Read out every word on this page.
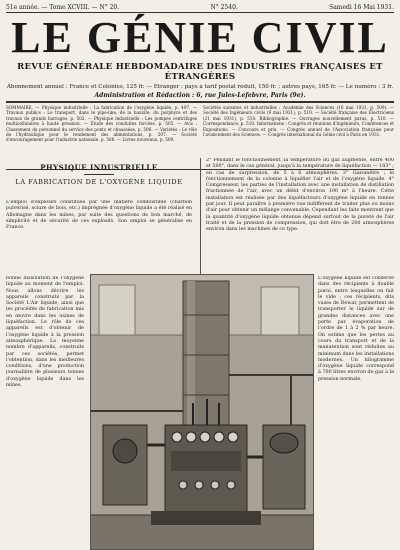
51e année. — Tome XCVIII. — N° 20.	N° 2540.	Samedi 16 Mai 1931.
LE GÉNIE CIVIL
REVUE GÉNÉRALE HEBDOMADAIRE DES INDUSTRIES FRANÇAISES ET ÉTRANGÈRES
Abonnement annuel : France et Colonies, 125 fr. — Étranger : pays à tarif postal réduit, 150 fr. ; autres pays, 165 fr. — Le numéro : 3 fr.
Administration et Rédaction : 6, rue Jules-Lefebvre, Paris (9e).
SOMMAIRE. — Physique industrielle : La fabrication de l'oxygène liquide, p. 497. — Travaux publics : Le transport, dans le pipe-line, de la bauxite, du porphyre et des travaux de grands barrages, p. 502. — Physique industrielle : Les pompes centrifuges multicellulaires à haute pression. — Étude des conduites forcées, p. 505. — Avis : Classement du personnel du service des ponts et chaussées, p. 506. — Variétés : Le rôle de l'hydraulique pour le rendement des alimentations, p. 507. — Société d'encouragement pour l'industrie nationale, p. 508. — Livres nouveaux, p. 509.
Sociétés savantes et industrielles : Académie des Sciences (16 mai 1931, p. 509). — Société des Ingénieurs civils (9 mai 1931), p. 510. — Société française des Électriciens (21 mai 1931), p. 510. Bibliographie. — Ouvrages nouvellement parus, p. 510. — Correspondance, p. 510. Informations : Congrès et réunions d'ingénieurs, Conférences et Expositions. — Concours et prix. — Congrès annuel de l'Association française pour l'avancement des Sciences. — Congrès international du Génie civil à Paris en 1931.
PHYSIQUE INDUSTRIELLE
LA FABRICATION DE L'OXYGÈNE LIQUIDE
L'emploi d'explosifs constitués par une matière combustible (charbon pulvérisé, sciure de bois, etc.) imprégnée d'oxygène liquide a été réalisé en Allemagne dans les mines, par suite des questions de bon marché, de simplicité et de sécurité de ces explosifs. Son emploi se généralise en France.
2° Pendant le fonctionnement, la température du gaz augmente, entre 400 et 500°, dans le cas général, jusqu'à la température de liquéfaction — 183° ; en cas de surpression, de 5 à 6 atmosphères. 3° Gazomètre ; le fonctionnement de la colonne à liquéfier l'air et de l'oxygène liquide. 4° Compresseur, les parties de l'installation avec une installation de distillation fractionnée de l'air, avec un débit d'environ 100 m³ à l'heure. Cette installation est réalisée par des liquéfacteurs d'oxygène liquide en tonnes par jour. Il peut paraître à première vue indifférent de traiter plus ou moins d'air pour obtenir un mélange convenable. Cependant les faits montrent que la quantité d'oxygène liquide obtenue dépend surtout de la pureté de l'air traité et de la pression de compression, qui doit être de 200 atmosphères environ dans les machines de ce type.
bonne dissolution de l'oxygène liquide au moment de l'emploi. Nous allons décrire les appareils construits par la Société L'Air liquide, ainsi que les procédés de fabrication mis en œuvre dans les usines de liquéfaction. Le rôle de ces appareils est d'obtenir de l'oxygène liquide à la pression atmosphérique. La moyenne nombre d'appareils, construits par ces sociétés, permet l'obtention, dans les meilleures conditions, d'une production journalière de plusieurs tonnes d'oxygène liquide dans les mines.
L'oxygène liquide est conservé dans des récipients à double paroi, entre lesquelles on fait le vide ; ces récipients, dits vases de Dewar, permettent de transporter le liquide sur de grandes distances avec une perte par évaporation de l'ordre de 1 à 2 % par heure. On estime que les pertes au cours du transport et de la manutention sont réduites au minimum dans les installations modernes. Un kilogramme d'oxygène liquide correspond à 700 litres environ de gaz à la pression normale.
